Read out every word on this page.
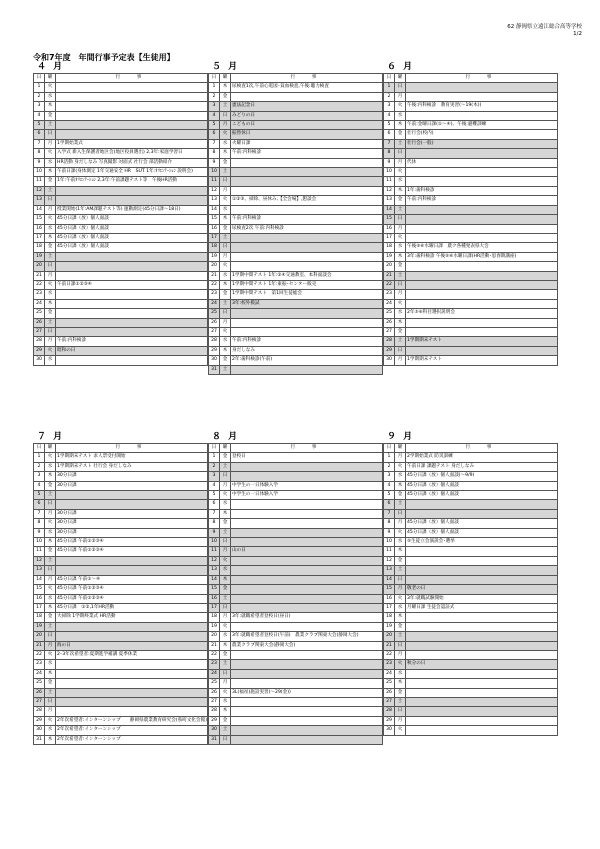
62 静岡県立遠江総合高等学校
1/2
令和7年度　年間行事予定表【生徒用】
４ 月
日	曜	行　事
1	火	
2	水	
3	木	
4	金	
5	土	
6	日	
7	月	1学期始業式
8	火	入学式 新入生保護者地区会(地区役員選出) 2,3年:家庭学習日
9	水	HR活動 身だしなみ 写真撮影 対面式 社行会 部活動紹介
10	木	午前日課(身体測定 1年交通安全 HR　SUT 1年:ｵﾘｴﾝﾃｰｼｮﾝ 説明会)
11	金	1年:午前ｵﾘｴﾝﾃｰｼｮﾝ 2,3年:午前課題テスト等　午後HR活動
12	土	
13	日	
14	月	授業開始(1年:AM課題テスト等) 運動測定(45分日課～18日)
15	火	45分日課（放）個人面談
16	水	45分日課（放）個人面談
17	木	45分日課（放）個人面談
18	金	45分日課（放）個人面談
19	土	
20	日	
21	月	
22	火	午前日課①②③④
23	水	
24	木	
25	金	
26	土	
27	日	
28	月	午前:内科検診
29	火	昭和の日
30	水	
５ 月
日	曜	行　事
1	木	尿検査1次,午前心電図･貧血検査,午後:聴力検査
2	金	
3	土	憲法記念日
4	日	みどりの日
5	月	こどもの日
6	火	振替休日
7	水	火曜日課
8	木	午前:内科検診
9	金	
10	土	
11	日	
12	月	
13	火	①②③、掃除、昼休み,【全会場】,懇談会
14	水	
15	木	午前:内科検診
16	金	尿検査2次 午前:内科検診
17	土	
18	日	
19	月	
20	火	
21	水	1学期中間テスト 1年:②④交通教室、本科面談会
22	木	1学期中間テスト 1年:東振･センター販売
23	金	1学期中間テスト　第1回生徒総会
24	土	3年:校外模試
25	日	
26	月	
27	火	
28	水	午前:内科検診
29	木	身だしなみ
30	金	2年:歯科検診(午前)
31	土	
６ 月
日	曜	行　事
1	日	
2	月	
3	火	午後:内科検診　教育実習(～19(木))
4	水	
5	木	午前:金曜日課(①～④)、午後:避難訓練
6	金	壮行会(校内)
7	土	壮行会(一般)
8	日	
9	月	代休
10	火	
11	水	
12	木	1年:歯科検診
13	金	午前:内科検診
14	土	
15	日	
16	月	
17	火	
18	水	午後⑤⑥水曜日課　農ク各種発表県大会
19	木	3年:歯科検診 午後⑤⑥水曜日課(HR活動･思春期講座)
20	金	
21	土	
22	日	
23	月	
24	火	
25	水	2年⑤⑥科目選択説明会
26	木	
27	金	
28	土	1学期期末テスト
29	日	
30	月	1学期期末テスト
７ 月
日	曜	行　事
1	火	1学期期末テスト 求人票受付開始
2	水	1学期期末テスト 壮行会 身だしなみ
3	木	30分日課
4	金	30分日課
5	土	
6	日	
7	月	30分日課
8	火	30分日課
9	水	30分日課
10	木	45分日課 午前①②③④
11	金	45分日課 午前①②③④
12	土	
13	日	
14	月	45分日課 午前①～④
15	火	45分日課 午前①②③④
16	水	45分日課 午前①②③④
17	木	45分日課　①②,1年HR活動
18	金	大掃除 1学期終業式 HR活動
19	土	
20	日	
21	月	海の日
22	火	2･3年次希望者:夏期進学補講 夏季休業
23	水	
24	木	
25	金	
26	土	
27	日	
28	月	
29	火	2年次希望者:インターンシップ　　静岡県農業教育研究会(県町文化会館)
30	水	2年次希望者:インターンシップ
31	木	2年次希望者:インターンシップ
８ 月
日	曜	行　事
1	金	登校日
2	土	
3	日	
4	月	中学生の一日体験入学
5	火	中学生の一日体験入学
6	水	
7	木	
8	金	
9	土	
10	日	
11	月	山の日
12	火	
13	水	
14	木	
15	金	
16	土	
17	日	
18	月	3年:就職希望者登校日(昼日)
19	火	
20	水	3年:就職希望者登校日(午前)　農業クラブ関東大会(静岡大会)
21	木	農業クラブ関東大会(静岡大会)
22	金	
23	土	
24	日	
25	月	
26	火	3L(福祉)施設実習(～29(金))
27	水	
28	木	
29	金	
30	土	
31	日	
９ 月
日	曜	行　事
1	月	2学期始業式 防災訓練
2	火	午前日課 課題テスト 身だしなみ
3	水	45分日課（放）個人面談(～9/9)
4	木	45分日課（放）個人面談
5	金	45分日課（放）個人面談
6	土	
7	日	
8	月	45分日課（放）個人面談
9	火	45分日課（放）個人面談
10	水	⑤生徒立会演説会･選挙
11	木	
12	金	
13	土	
14	日	
15	月	敬老の日
16	火	3年:就職試験開始
17	水	月曜日課 生徒会認証式
18	木	
19	金	
20	土	
21	日	
22	月	
23	火	秋分の日
24	水	
25	木	
26	金	
27	土	
28	日	
29	月	
30	火	
